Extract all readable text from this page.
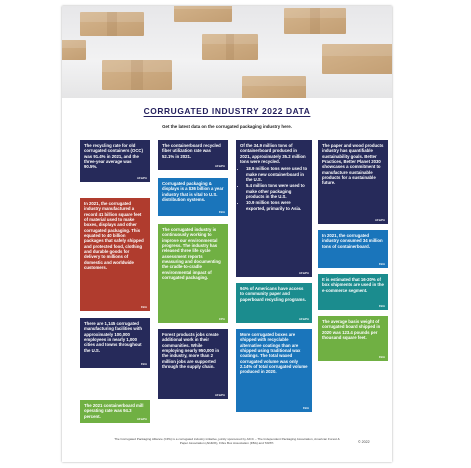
CORRUGATED INDUSTRY 2022 DATA
Get the latest data on the corrugated packaging industry here.
The recycling rate for old corrugated containers (OCC) was 91.4% in 2021, and the three-year average was 90.5%.
AF&PA
In 2021, the corrugated industry manufactured a record 41 billion square feet of material used to make boxes, displays and other corrugated packaging. This equated to 40 billion packages that safely shipped and protected food, clothing and durable goods for delivery to millions of domestic and worldwide customers.
FBA
There are 1,145 corrugated manufacturing facilities with approximately 100,000 employees in nearly 1,000 cities and towns throughout the U.S.
FBA
The 2021 containerboard mill operating rate was 94.3 percent.
AF&PA
The containerboard recycled fiber utilization rate was 52.1% in 2021.
AF&PA
Corrugated packaging & displays is a $36 billion a year industry that is vital to U.S. distribution systems.
FBA
The corrugated industry is continuously working to improve our environmental progress. The industry has released three life cycle assessment reports measuring and documenting the cradle-to-cradle environmental impact of corrugated packaging.
CPA
Forest products jobs create additional work in their communities. While employing nearly 950,000 in the industry, more than 2 million jobs are supported through the supply chain.
AF&PA
Of the 34.9 million tons of containerboard produced in 2021, approximately 35.2 million tons were recycled.
• 18.9 million tons were used to make new containerboard in the U.S.
• 5.4 million tons were used to make other packaging products in the U.S.
• 10.9 million tons were exported, primarily to Asia.
AF&PA
94% of Americans have access to community paper and paperboard recycling programs.
AF&PA
More corrugated boxes are shipped with recyclable alternative coatings than are shipped using traditional wax coatings. The total waxed corrugated volume was only 2.14% of total corrugated volume produced in 2020.
FBA
The paper and wood products industry has quantifiable sustainability goals. Better Practices, Better Planet 2030 showcases a commitment to manufacture sustainable products for a sustainable future.
AF&PA
In 2021, the corrugated industry consumed 34 million tons of containerboard.
FBA
It is estimated that 16-20% of box shipments are used in the e-commerce segment.
FBA
The average basis weight of corrugated board shipped in 2020 was 123.4 pounds per thousand square feet.
FBA
The Corrugated Packaging Alliance (CPA) is a corrugated industry initiative, jointly sponsored by AICC – The Independent Packaging Association, American Forest & Paper Association (AF&PA), Fibre Box Association (FBA) and TAPPI.	© 2022
